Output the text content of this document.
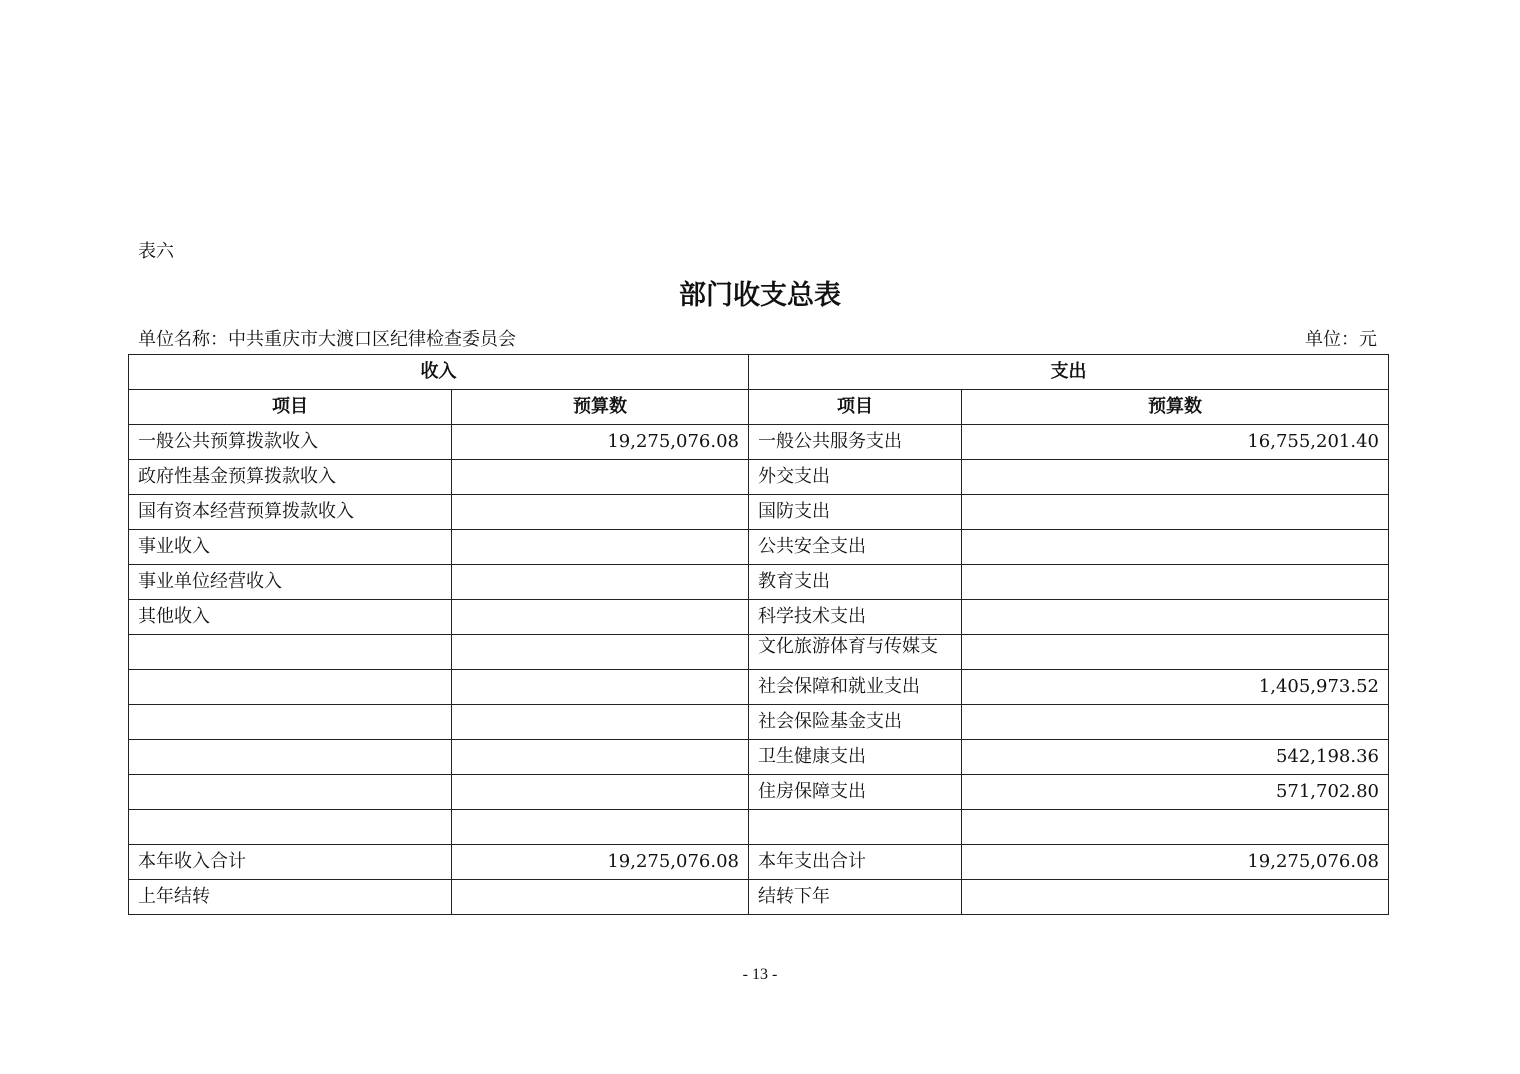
表六
部门收支总表
单位名称：中共重庆市大渡口区纪律检查委员会	单位：元
收入		支出	
项目	预算数	项目	预算数
一般公共预算拨款收入	19,275,076.08	一般公共服务支出	16,755,201.40
政府性基金预算拨款收入		外交支出	
国有资本经营预算拨款收入		国防支出	
事业收入		公共安全支出	
事业单位经营收入		教育支出	
其他收入		科学技术支出	
		文化旅游体育与传媒支	
		社会保障和就业支出	1,405,973.52
		社会保险基金支出	
		卫生健康支出	542,198.36
		住房保障支出	571,702.80

本年收入合计	19,275,076.08	本年支出合计	19,275,076.08
上年结转		结转下年	
- 13 -
